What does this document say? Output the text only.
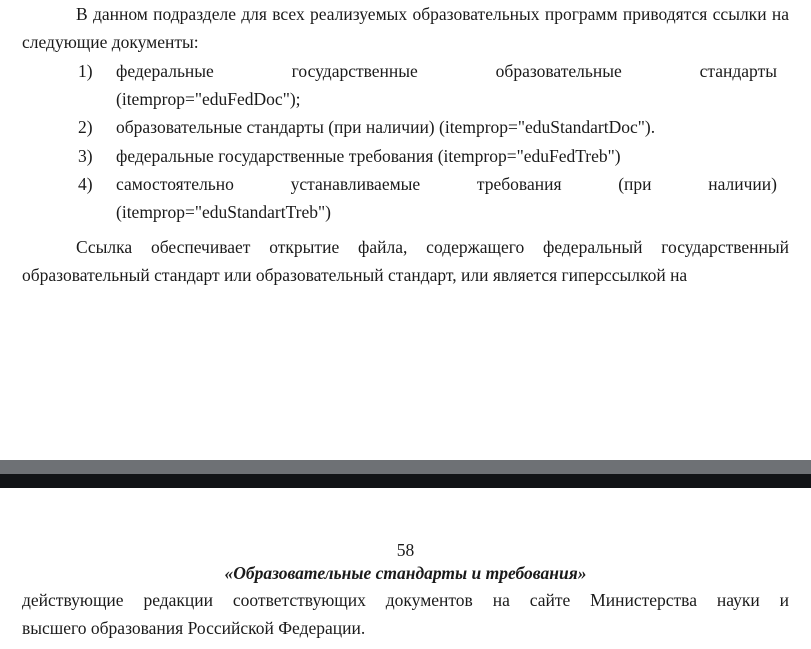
В данном подразделе для всех реализуемых образовательных программ приводятся ссылки на следующие документы:

1)	федеральные государственные образовательные стандарты
(itemprop="eduFedDoc");
2)	образовательные стандарты (при наличии) (itemprop="eduStandartDoc").
3)	федеральные государственные требования (itemprop="eduFedTreb")
4)	самостоятельно устанавливаемые требования (при наличии)
(itemprop="eduStandartTreb")

Ссылка обеспечивает открытие файла, содержащего федеральный государственный образовательный стандарт или образовательный стандарт, или является гиперссылкой на

58
«Образовательные стандарты и требования»
действующие редакции соответствующих документов на сайте Министерства науки и
высшего образования Российской Федерации.
